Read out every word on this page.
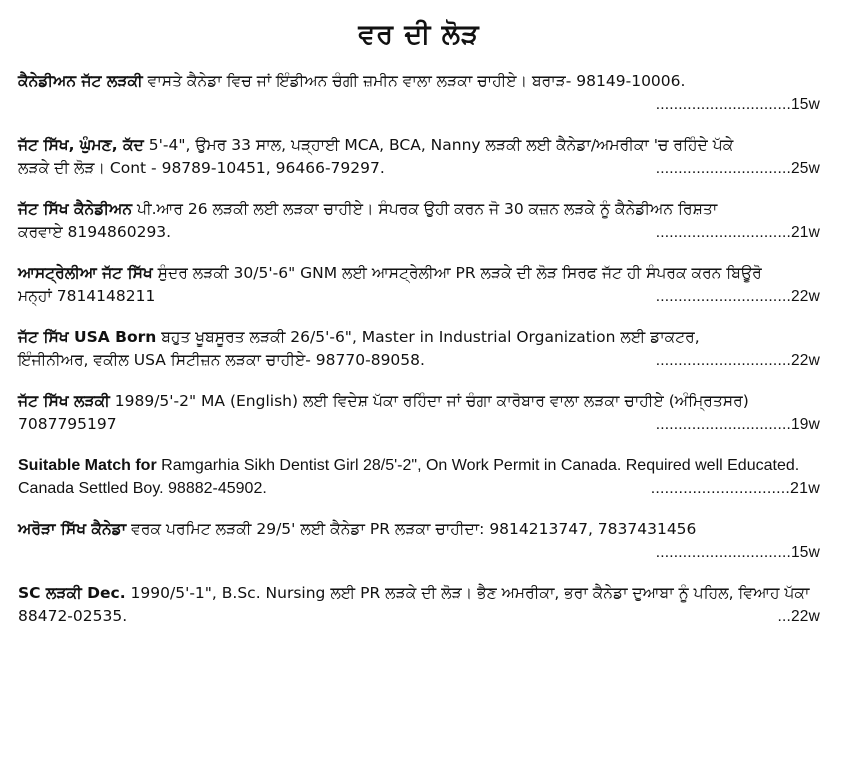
ਵਰ ਦੀ ਲੋੜ
ਕੈਨੇਡੀਅਨ ਜੱਟ ਲੜਕੀ ਵਾਸਤੇ ਕੈਨੇਡਾ ਵਿਚ ਜਾਂ ਇੰਡੀਅਨ ਚੰਗੀ ਜ਼ਮੀਨ ਵਾਲਾ ਲੜਕਾ ਚਾਹੀਏ। ਬਰਾੜ- 98149-10006.
..............................15w
ਜੱਟ ਸਿੱਖ, ਘੁੰਮਣ, ਕੱਦ 5'-4", ਉਮਰ 33 ਸਾਲ, ਪੜ੍ਹਾਈ MCA, BCA, Nanny ਲੜਕੀ ਲਈ ਕੈਨੇਡਾ/ਅਮਰੀਕਾ 'ਚ ਰਹਿੰਦੇ ਪੱਕੇ
ਲੜਕੇ ਦੀ ਲੋੜ। Cont - 98789-10451, 96466-79297.	..............................25w
ਜੱਟ ਸਿੱਖ ਕੈਨੇਡੀਅਨ ਪੀ.ਆਰ 26 ਲੜਕੀ ਲਈ ਲੜਕਾ ਚਾਹੀਏ। ਸੰਪਰਕ ਉਹੀ ਕਰਨ ਜੋ 30 ਕਜ਼ਨ ਲੜਕੇ ਨੂੰ ਕੈਨੇਡੀਅਨ ਰਿਸ਼ਤਾ
ਕਰਵਾਏ 8194860293.	..............................21w
ਆਸਟ੍ਰੇਲੀਆ ਜੱਟ ਸਿੱਖ ਸੁੰਦਰ ਲੜਕੀ 30/5'-6" GNM ਲਈ ਆਸਟ੍ਰੇਲੀਆ PR ਲੜਕੇ ਦੀ ਲੋੜ ਸਿਰਫ ਜੱਟ ਹੀ ਸੰਪਰਕ ਕਰਨ ਬਿਊਰੋ
ਮਨ੍ਹਾਂ 7814148211	..............................22w
ਜੱਟ ਸਿੱਖ USA Born ਬਹੁਤ ਖੂਬਸੂਰਤ ਲੜਕੀ 26/5'-6", Master in Industrial Organization ਲਈ ਡਾਕਟਰ,
ਇੰਜੀਨੀਅਰ, ਵਕੀਲ USA ਸਿਟੀਜ਼ਨ ਲੜਕਾ ਚਾਹੀਏ- 98770-89058.	..............................22w
ਜੱਟ ਸਿੱਖ ਲੜਕੀ 1989/5'-2" MA (English) ਲਈ ਵਿਦੇਸ਼ ਪੱਕਾ ਰਹਿੰਦਾ ਜਾਂ ਚੰਗਾ ਕਾਰੋਬਾਰ ਵਾਲਾ ਲੜਕਾ ਚਾਹੀਏ (ਅੰਮ੍ਰਿਤਸਰ)
7087795197	..............................19w
Suitable Match for Ramgarhia Sikh Dentist Girl 28/5'-2", On Work Permit in Canada. Required well Educated.
Canada Settled Boy. 98882-45902.	..............................21w
ਅਰੋੜਾ ਸਿੱਖ ਕੈਨੇਡਾ ਵਰਕ ਪਰਮਿਟ ਲੜਕੀ 29/5' ਲਈ ਕੈਨੇਡਾ PR ਲੜਕਾ ਚਾਹੀਦਾ: 9814213747, 7837431456
..............................15w
SC ਲੜਕੀ Dec. 1990/5'-1", B.Sc. Nursing ਲਈ PR ਲੜਕੇ ਦੀ ਲੋੜ। ਭੈਣ ਅਮਰੀਕਾ, ਭਰਾ ਕੈਨੇਡਾ ਦੁਆਬਾ ਨੂੰ ਪਹਿਲ, ਵਿਆਹ ਪੱਕਾ
88472-02535.	...22w
